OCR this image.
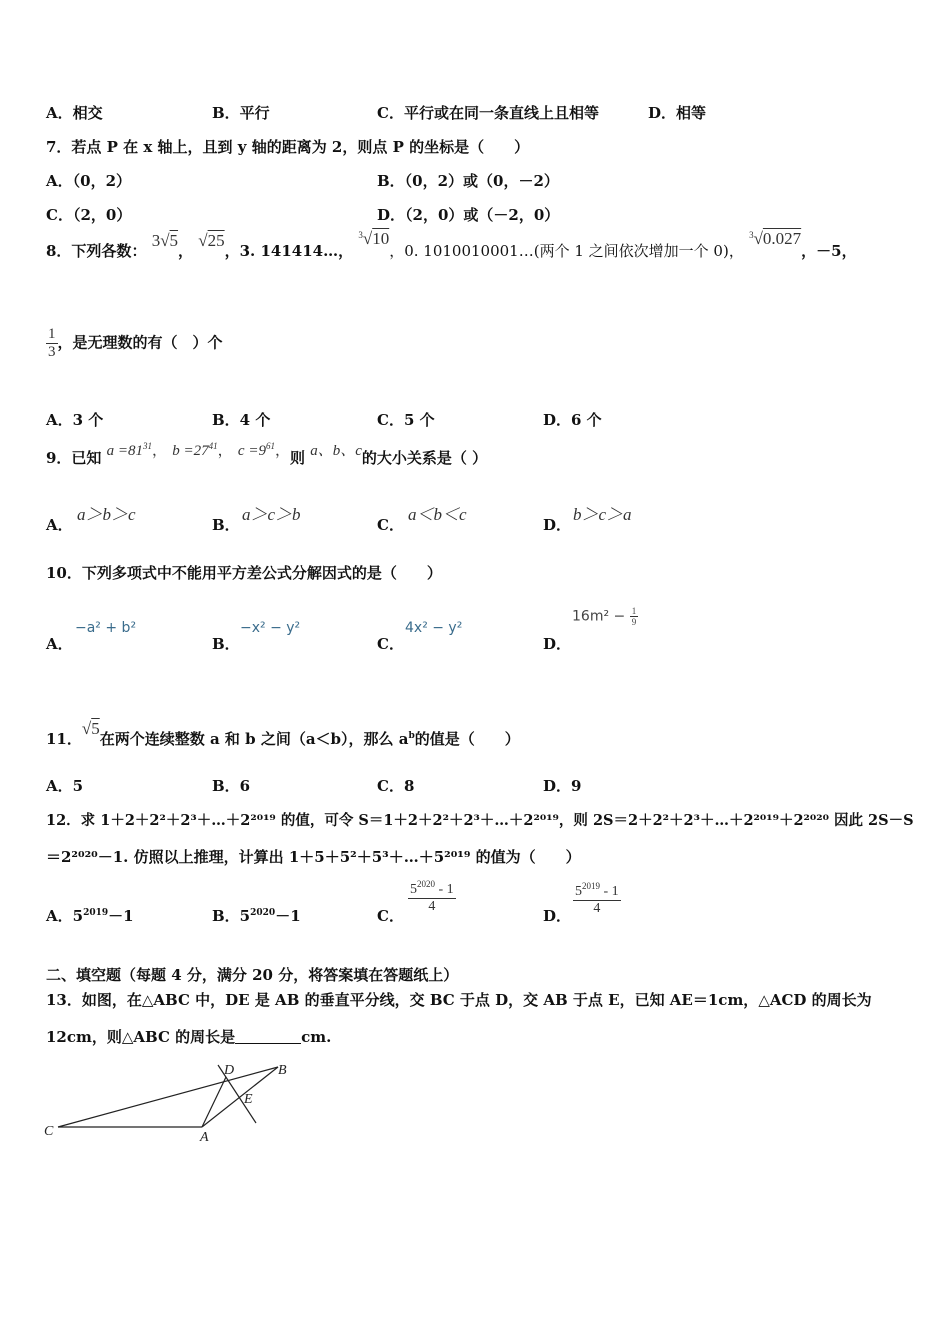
A．相交	B．平行	C．平行或在同一条直线上且相等	D．相等
7．若点 P 在 x 轴上，且到 y 轴的距离为 2，则点 P 的坐标是（　　）
A．（0，2）	B．（0，2）或（0，－2）
C．（2，0）	D．（2，0）或（－2，0）
8．下列各数： 3√5， √25，3. 141414…， $^3$√10，0. 1010010001…(两个 1 之间依次增加一个 0)， $^3$√0.027，－5，
$\frac{1}{3}$ ，是无理数的有（　）个
A．3 个	B．4 个	C．5 个	D．6 个
9．已知 $a =81^{31}$， $b =27^{41}$， $c =9^{61}$，则 a、b、c的大小关系是（ ）
A．
a＞b＞c
B．
a＞c＞b
C．
a＜b＜c
D．
b＞c＞a
10．下列多项式中不能用平方差公式分解因式的是（　　）
A．
−a² + b²
B．
−x² − y²
C．
4x² − y²
D．
$16m^2 - \frac{1}{9}$
11．√5在两个连续整数 a 和 b 之间（a＜b），那么 $a^b$的值是（　　）
A．5	B．6	C．8	D．9
12．求 1＋2＋2²＋2³＋…＋2²⁰¹⁹ 的值，可令 S＝1＋2＋2²＋2³＋…＋2²⁰¹⁹，则 2S＝2＋2²＋2³＋…＋2²⁰¹⁹＋2²⁰²⁰ 因此 2S－S
＝2²⁰²⁰－1. 仿照以上推理，计算出 1＋5＋5²＋5³＋…＋5²⁰¹⁹ 的值为（　　）
A．$5^{2019}-1$	B．$5^{2020}-1$	C．
$\frac{5^{2020} - 1}{4}$
D． $\frac{5^{2019} - 1}{4}$
二、填空题（每题 4 分，满分 20 分，将答案填在答题纸上）
13．如图，在△ABC 中，DE 是 AB 的垂直平分线，交 BC 于点 D，交 AB 于点 E，已知 AE＝1cm，△ACD 的周长为
12cm，则△ABC 的周长是	cm.
C	A
D	B
E
